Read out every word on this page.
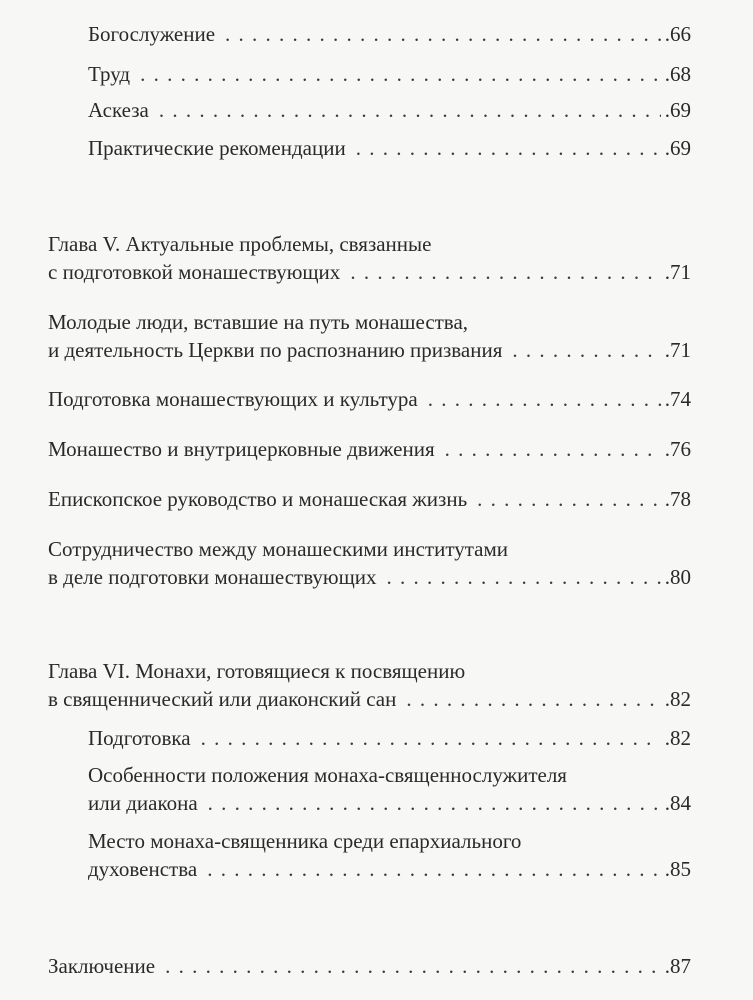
Богослужение . . .	.66
Труд . . .	.68
Аскеза . . .	.69
Практические рекомендации . . .	.69
Глава V. Актуальные проблемы, связанные
с подготовкой монашествующих . . .	.71
Молодые люди, вставшие на путь монашества,
и деятельность Церкви по распознанию призвания . . .	.71
Подготовка монашествующих и культура . . .	.74
Монашество и внутрицерковные движения . . .	.76
Епископское руководство и монашеская жизнь . . .	.78
Сотрудничество между монашескими институтами
в деле подготовки монашествующих . . .	.80
Глава VI. Монахи, готовящиеся к посвящению
в священнический или диаконский сан . . .	.82
Подготовка . . .	.82
Особенности положения монаха-священнослужителя
или диакона . . .	.84
Место монаха-священника среди епархиального
духовенства . . .	.85
Заключение . . .	.87
